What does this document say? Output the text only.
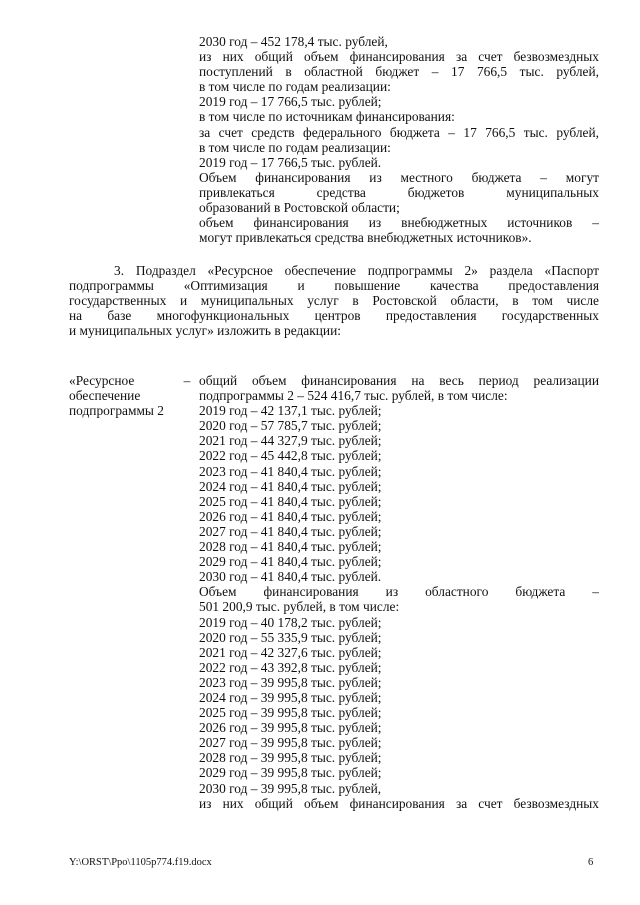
2030 год – 452 178,4 тыс. рублей,
из них общий объем финансирования за счет безвозмездных
поступлений в областной бюджет – 17 766,5 тыс. рублей,
в том числе по годам реализации:
2019 год – 17 766,5 тыс. рублей;
в том числе по источникам финансирования:
за счет средств федерального бюджета – 17 766,5 тыс. рублей,
в том числе по годам реализации:
2019 год – 17 766,5 тыс. рублей.
Объем финансирования из местного бюджета – могут
привлекаться средства бюджетов муниципальных
образований в Ростовской области;
объем финансирования из внебюджетных источников –
могут привлекаться средства внебюджетных источников».
3. Подраздел «Ресурсное обеспечение подпрограммы 2» раздела «Паспорт
подпрограммы «Оптимизация и повышение качества предоставления
государственных и муниципальных услуг в Ростовской области, в том числе
на базе многофункциональных центров предоставления государственных
и муниципальных услуг» изложить в редакции:
«Ресурсное
обеспечение
подпрограммы 2
– общий объем финансирования на весь период реализации
подпрограммы 2 – 524 416,7 тыс. рублей, в том числе:
2019 год – 42 137,1 тыс. рублей;
2020 год – 57 785,7 тыс. рублей;
2021 год – 44 327,9 тыс. рублей;
2022 год – 45 442,8 тыс. рублей;
2023 год – 41 840,4 тыс. рублей;
2024 год – 41 840,4 тыс. рублей;
2025 год – 41 840,4 тыс. рублей;
2026 год – 41 840,4 тыс. рублей;
2027 год – 41 840,4 тыс. рублей;
2028 год – 41 840,4 тыс. рублей;
2029 год – 41 840,4 тыс. рублей;
2030 год – 41 840,4 тыс. рублей.
Объем финансирования из областного бюджета –
501 200,9 тыс. рублей, в том числе:
2019 год – 40 178,2 тыс. рублей;
2020 год – 55 335,9 тыс. рублей;
2021 год – 42 327,6 тыс. рублей;
2022 год – 43 392,8 тыс. рублей;
2023 год – 39 995,8 тыс. рублей;
2024 год – 39 995,8 тыс. рублей;
2025 год – 39 995,8 тыс. рублей;
2026 год – 39 995,8 тыс. рублей;
2027 год – 39 995,8 тыс. рублей;
2028 год – 39 995,8 тыс. рублей;
2029 год – 39 995,8 тыс. рублей;
2030 год – 39 995,8 тыс. рублей,
из них общий объем финансирования за счет безвозмездных
Y:\ORST\Ppo\1105p774.f19.docx	6
